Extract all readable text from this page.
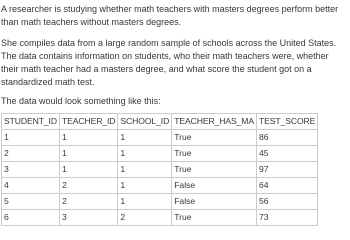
A researcher is studying whether math teachers with masters degrees perform better than math teachers without masters degrees.

She compiles data from a large random sample of schools across the United States. The data contains information on students, who their math teachers were, whether their math teacher had a masters degree, and what score the student got on a standardized math test.

The data would look something like this:

STUDENT_ID	TEACHER_ID	SCHOOL_ID	TEACHER_HAS_MA	TEST_SCORE
1	1	1	True	86
2	1	1	True	45
3	1	1	True	97
4	2	1	False	64
5	2	1	False	56
6	3	2	True	73
